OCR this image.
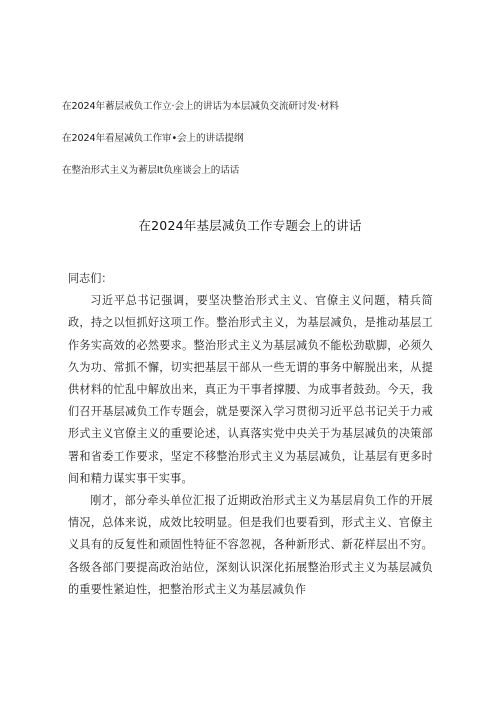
在2024年蓄层戒负工作立·会上的讲话为本层减负交流研讨发·材料

在2024年看屋减负工作审•会上的讲话提纲

在整治形式主义为蓄层It负座谈会上的话话

在2024年基层减负工作专题会上的讲话

同志们：

习近平总书记强调，要坚决整治形式主义、官僚主义问题，精兵简政，持之以恒抓好这项工作。整治形式主义，为基层减负，是推动基层工作务实高效的必然要求。整治形式主义为基层减负不能松劲歇脚，必须久久为功、常抓不懈，切实把基层干部从一些无谓的事务中解脱出来，从提供材料的忙乱中解放出来，真正为干事者撑腰、为成事者鼓劲。今天，我们召开基层减负工作专题会，就是要深入学习贯彻习近平总书记关于力戒形式主义官僚主义的重要论述，认真落实党中央关于为基层减负的决策部署和省委工作要求，坚定不移整治形式主义为基层减负，让基层有更多时间和精力谋实事干实事。

刚才，部分牵头单位汇报了近期政治形式主义为基层肩负工作的开展情况，总体来说，成效比较明显。但是我们也要看到，形式主义、官僚主义具有的反复性和顽固性特征不容忽视，各种新形式、新花样层出不穷。各级各部门要提高政治站位，深刻认识深化拓展整治形式主义为基层减负的重要性紧迫性，把整治形式主义为基层减负作
